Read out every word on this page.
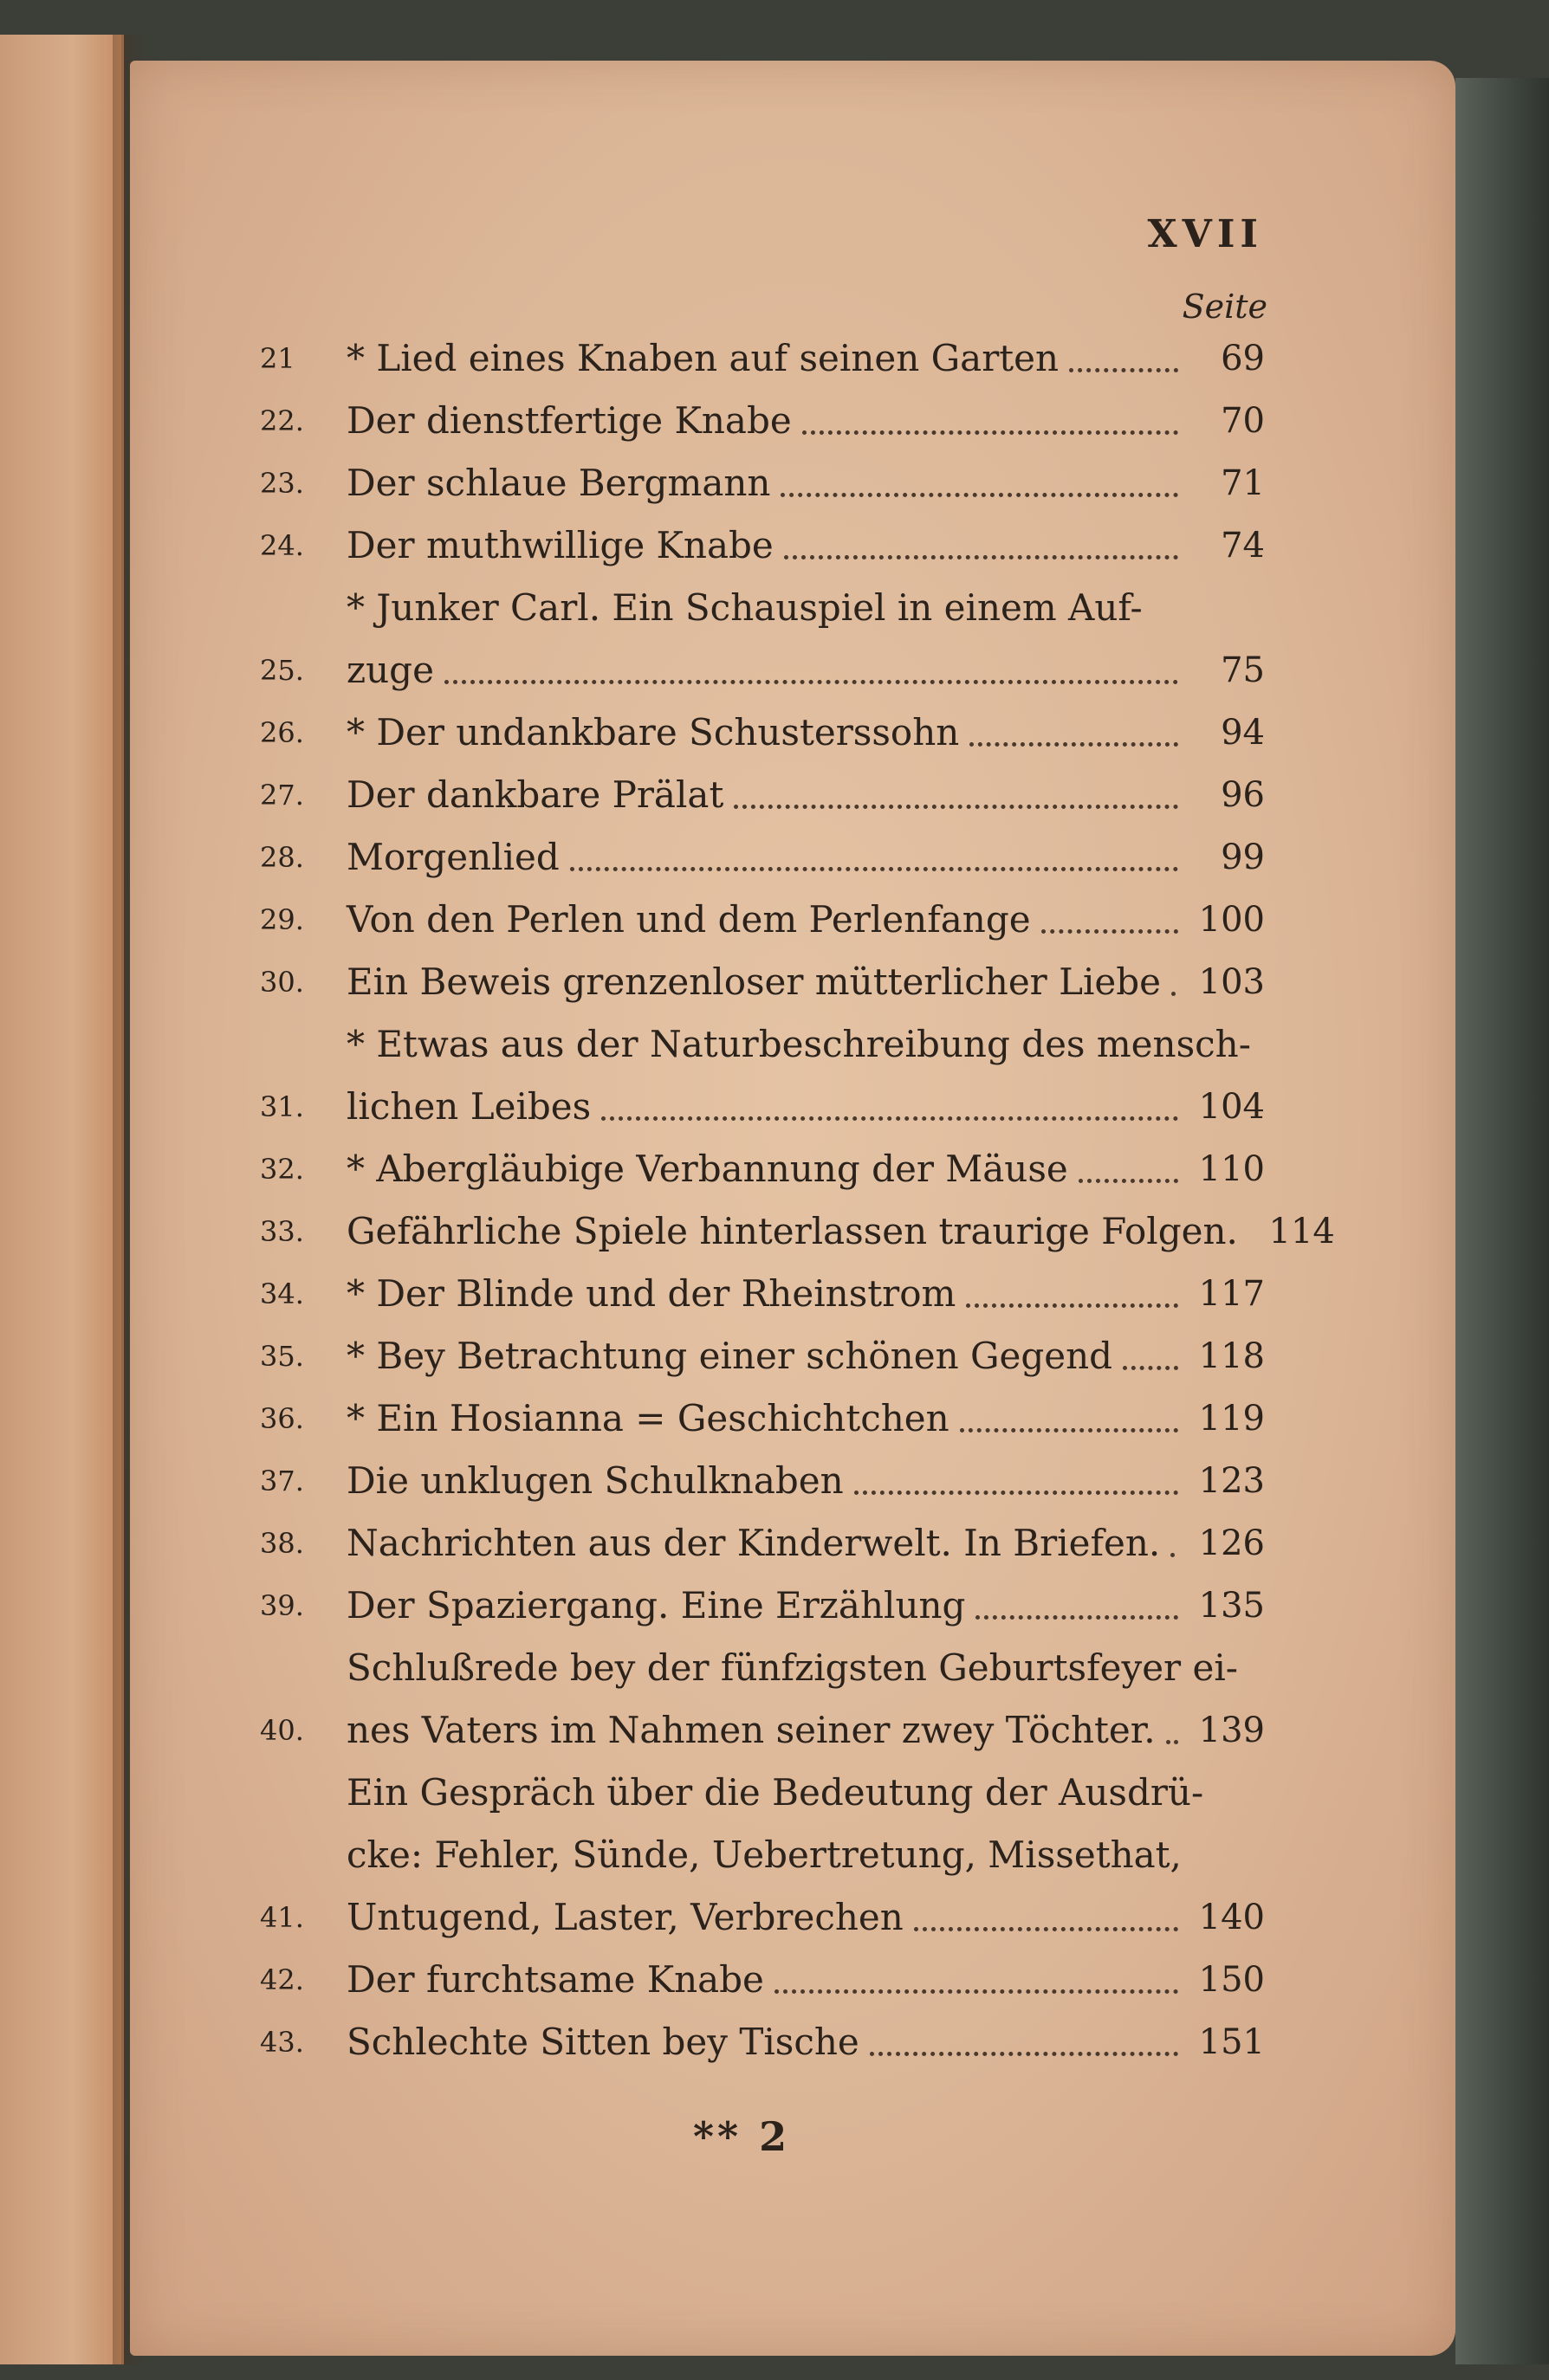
XVII
Seite
21	* Lied eines Knaben auf seinen Garten	69
22.	Der dienstfertige Knabe	70
23.	Der schlaue Bergmann	71
24.	Der muthwillige Knabe	74
25.
* Junker Carl. Ein Schauspiel in einem Auf-
zuge	75
26.	* Der undankbare Schusterssohn	94
27.	Der dankbare Prälat	96
28.	Morgenlied	99
29.	Von den Perlen und dem Perlenfange	100
30.	Ein Beweis grenzenloser mütterlicher Liebe	103
31.
* Etwas aus der Naturbeschreibung des mensch-
lichen Leibes	104
32.	* Abergläubige Verbannung der Mäuse	110
33.	Gefährliche Spiele hinterlassen traurige Folgen. 114
34.	* Der Blinde und der Rheinstrom	117
35.	* Bey Betrachtung einer schönen Gegend	118
36.	* Ein Hosianna = Geschichtchen	119
37.	Die unklugen Schulknaben	123
38.	Nachrichten aus der Kinderwelt. In Briefen.	126
39.	Der Spaziergang. Eine Erzählung	135
40.
Schlußrede bey der fünfzigsten Geburtsfeyer ei-
nes Vaters im Nahmen seiner zwey Töchter.	139
41.
Ein Gespräch über die Bedeutung der Ausdrü-
cke: Fehler, Sünde, Uebertretung, Missethat,
Untugend, Laster, Verbrechen	140
42.	Der furchtsame Knabe	150
43.	Schlechte Sitten bey Tische	151
** 2
